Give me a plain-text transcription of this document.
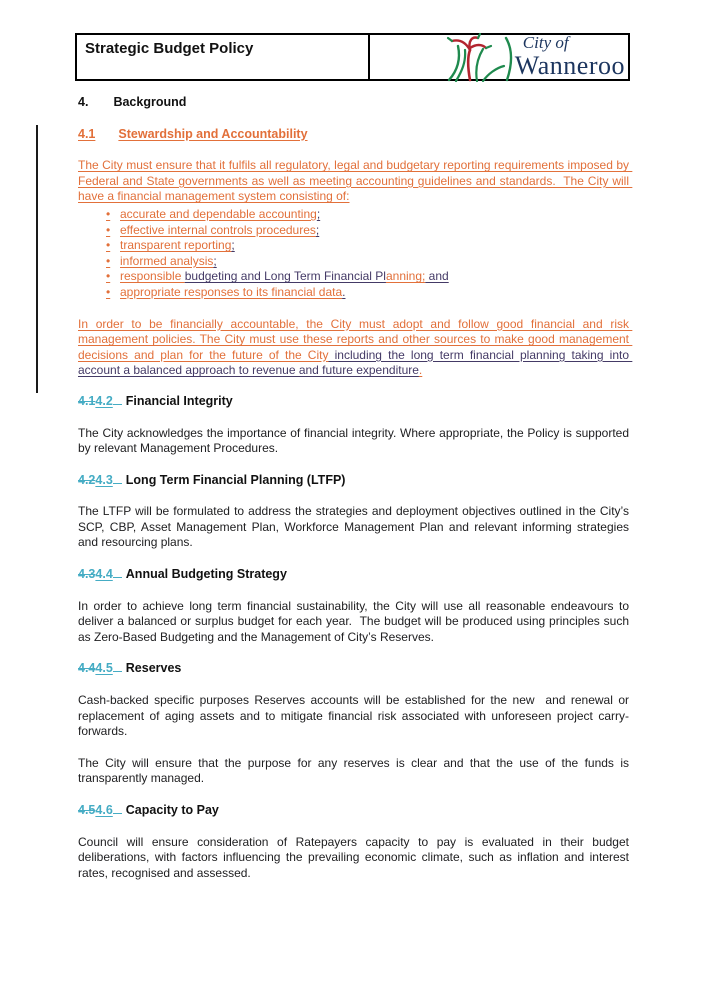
Strategic Budget Policy	City of
Wanneroo
4. Background
4.1 Stewardship and Accountability

The City must ensure that it fulfils all regulatory, legal and budgetary reporting requirements imposed by Federal and State governments as well as meeting accounting guidelines and standards.  The City will have a financial management system consisting of:

• accurate and dependable accounting;
• effective internal controls procedures;
• transparent reporting;
• informed analysis;
• responsible budgeting and Long Term Financial Planning; and
• appropriate responses to its financial data.

In order to be financially accountable, the City must adopt and follow good financial and risk management policies. The City must use these reports and other sources to make good management decisions and plan for the future of the City including the long term financial planning taking into account a balanced approach to revenue and future expenditure.

4.14.2 Financial Integrity

The City acknowledges the importance of financial integrity. Where appropriate, the Policy is supported by relevant Management Procedures.

4.24.3 Long Term Financial Planning (LTFP)

The LTFP will be formulated to address the strategies and deployment objectives outlined in the City’s SCP, CBP, Asset Management Plan, Workforce Management Plan and relevant informing strategies and resourcing plans.

4.34.4 Annual Budgeting Strategy

In order to achieve long term financial sustainability, the City will use all reasonable endeavours to deliver a balanced or surplus budget for each year.  The budget will be produced using principles such as Zero-Based Budgeting and the Management of City’s Reserves.

4.44.5 Reserves

Cash-backed specific purposes Reserves accounts will be established for the new  and renewal or replacement of aging assets and to mitigate financial risk associated with unforeseen project carry-forwards.

The City will ensure that the purpose for any reserves is clear and that the use of the funds is transparently managed.

4.54.6 Capacity to Pay

Council will ensure consideration of Ratepayers capacity to pay is evaluated in their budget deliberations, with factors influencing the prevailing economic climate, such as inflation and interest rates, recognised and assessed.
